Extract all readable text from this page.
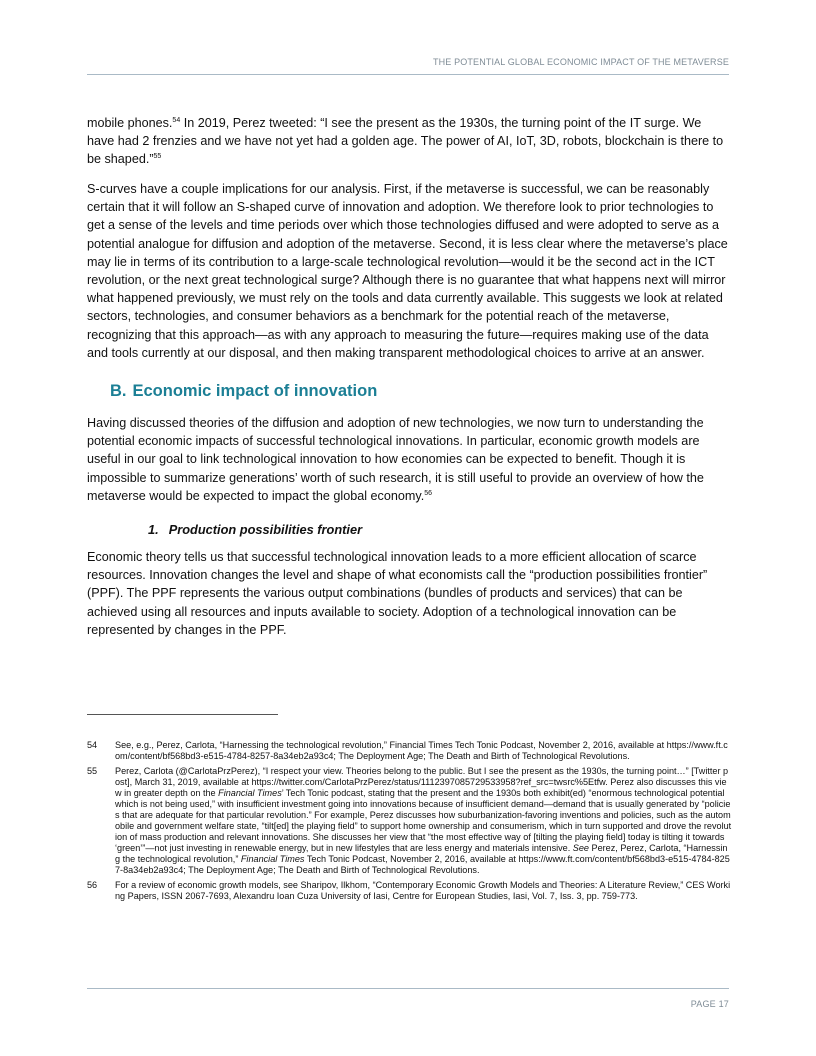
THE POTENTIAL GLOBAL ECONOMIC IMPACT OF THE METAVERSE

mobile phones.$^{54}$ In 2019, Perez tweeted: “I see the present as the 1930s, the turning point of the IT surge. We have had 2 frenzies and we have not yet had a golden age. The power of AI, IoT, 3D, robots, blockchain is there to be shaped.”$^{55}$

S-curves have a couple implications for our analysis. First, if the metaverse is successful, we can be reasonably certain that it will follow an S-shaped curve of innovation and adoption. We therefore look to prior technologies to get a sense of the levels and time periods over which those technologies diffused and were adopted to serve as a potential analogue for diffusion and adoption of the metaverse. Second, it is less clear where the metaverse’s place may lie in terms of its contribution to a large-scale technological revolution—would it be the second act in the ICT revolution, or the next great technological surge? Although there is no guarantee that what happens next will mirror what happened previously, we must rely on the tools and data currently available. This suggests we look at related sectors, technologies, and consumer behaviors as a benchmark for the potential reach of the metaverse, recognizing that this approach—as with any approach to measuring the future—requires making use of the data and tools currently at our disposal, and then making transparent methodological choices to arrive at an answer.

B. Economic impact of innovation

Having discussed theories of the diffusion and adoption of new technologies, we now turn to understanding the potential economic impacts of successful technological innovations. In particular, economic growth models are useful in our goal to link technological innovation to how economies can be expected to benefit. Though it is impossible to summarize generations’ worth of such research, it is still useful to provide an overview of how the metaverse would be expected to impact the global economy.$^{56}$

1. Production possibilities frontier

Economic theory tells us that successful technological innovation leads to a more efficient allocation of scarce resources. Innovation changes the level and shape of what economists call the “production possibilities frontier” (PPF). The PPF represents the various output combinations (bundles of products and services) that can be achieved using all resources and inputs available to society. Adoption of a technological innovation can be represented by changes in the PPF.

54	See, e.g., Perez, Carlota, “Harnessing the technological revolution,” Financial Times Tech Tonic Podcast, November 2, 2016, available at https://www.ft.com/content/bf568bd3-e515-4784-8257-8a34eb2a93c4; The Deployment Age; The Death and Birth of Technological Revolutions.
55	Perez, Carlota (@CarlotaPrzPerez), “I respect your view. Theories belong to the public. But I see the present as the 1930s, the turning point…” [Twitter post], March 31, 2019, available at https://twitter.com/CarlotaPrzPerez/status/1112397085729533958?ref_src=twsrc%5Etfw. Perez also discusses this view in greater depth on the Financial Times’ Tech Tonic podcast, stating that the present and the 1930s both exhibit(ed) “enormous technological potential which is not being used,” with insufficient investment going into innovations because of insufficient demand—demand that is usually generated by “policies that are adequate for that particular revolution.” For example, Perez discusses how suburbanization-favoring inventions and policies, such as the automobile and government welfare state, “tilt[ed] the playing field” to support home ownership and consumerism, which in turn supported and drove the revolution of mass production and relevant innovations. She discusses her view that “the most effective way of [tilting the playing field] today is tilting it towards ‘green’”—not just investing in renewable energy, but in new lifestyles that are less energy and materials intensive. See Perez, Perez, Carlota, “Harnessing the technological revolution,” Financial Times Tech Tonic Podcast, November 2, 2016, available at https://www.ft.com/content/bf568bd3-e515-4784-8257-8a34eb2a93c4; The Deployment Age; The Death and Birth of Technological Revolutions.
56	For a review of economic growth models, see Sharipov, Ilkhom, “Contemporary Economic Growth Models and Theories: A Literature Review,” CES Working Papers, ISSN 2067-7693, Alexandru Ioan Cuza University of Iasi, Centre for European Studies, Iasi, Vol. 7, Iss. 3, pp. 759-773.
PAGE 17
